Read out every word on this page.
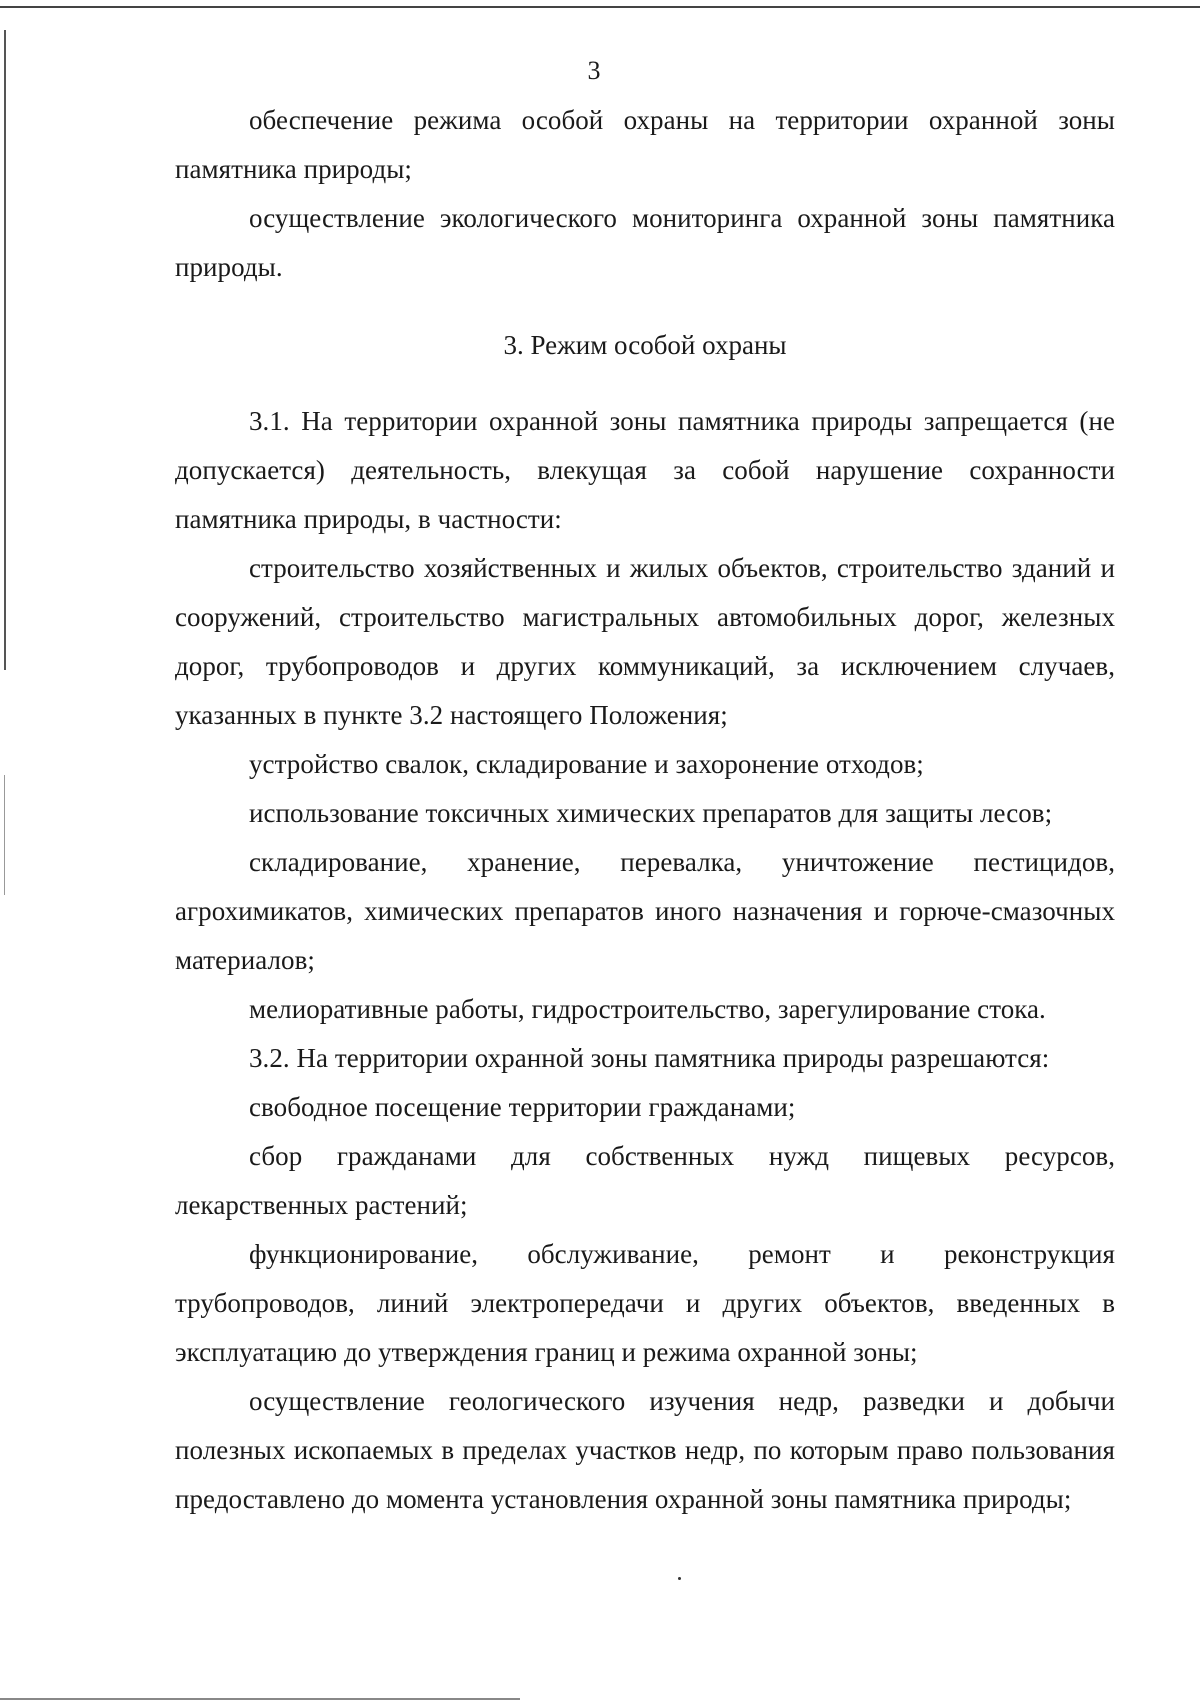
3

обеспечение режима особой охраны на территории охранной зоны памятника природы;

осуществление экологического мониторинга охранной зоны памятника природы.

3. Режим особой охраны

3.1. На территории охранной зоны памятника природы запрещается (не допускается) деятельность, влекущая за собой нарушение сохранности памятника природы, в частности:

строительство хозяйственных и жилых объектов, строительство зданий и сооружений, строительство магистральных автомобильных дорог, железных дорог, трубопроводов и других коммуникаций, за исключением случаев, указанных в пункте 3.2 настоящего Положения;

устройство свалок, складирование и захоронение отходов;

использование токсичных химических препаратов для защиты лесов;

складирование, хранение, перевалка, уничтожение пестицидов, агрохимикатов, химических препаратов иного назначения и горюче-смазочных материалов;

мелиоративные работы, гидростроительство, зарегулирование стока.

3.2. На территории охранной зоны памятника природы разрешаются:

свободное посещение территории гражданами;

сбор гражданами для собственных нужд пищевых ресурсов, лекарственных растений;

функционирование, обслуживание, ремонт и реконструкция трубопроводов, линий электропередачи и других объектов, введенных в эксплуатацию до утверждения границ и режима охранной зоны;

осуществление геологического изучения недр, разведки и добычи полезных ископаемых в пределах участков недр, по которым право пользования предоставлено до момента установления охранной зоны памятника природы;
